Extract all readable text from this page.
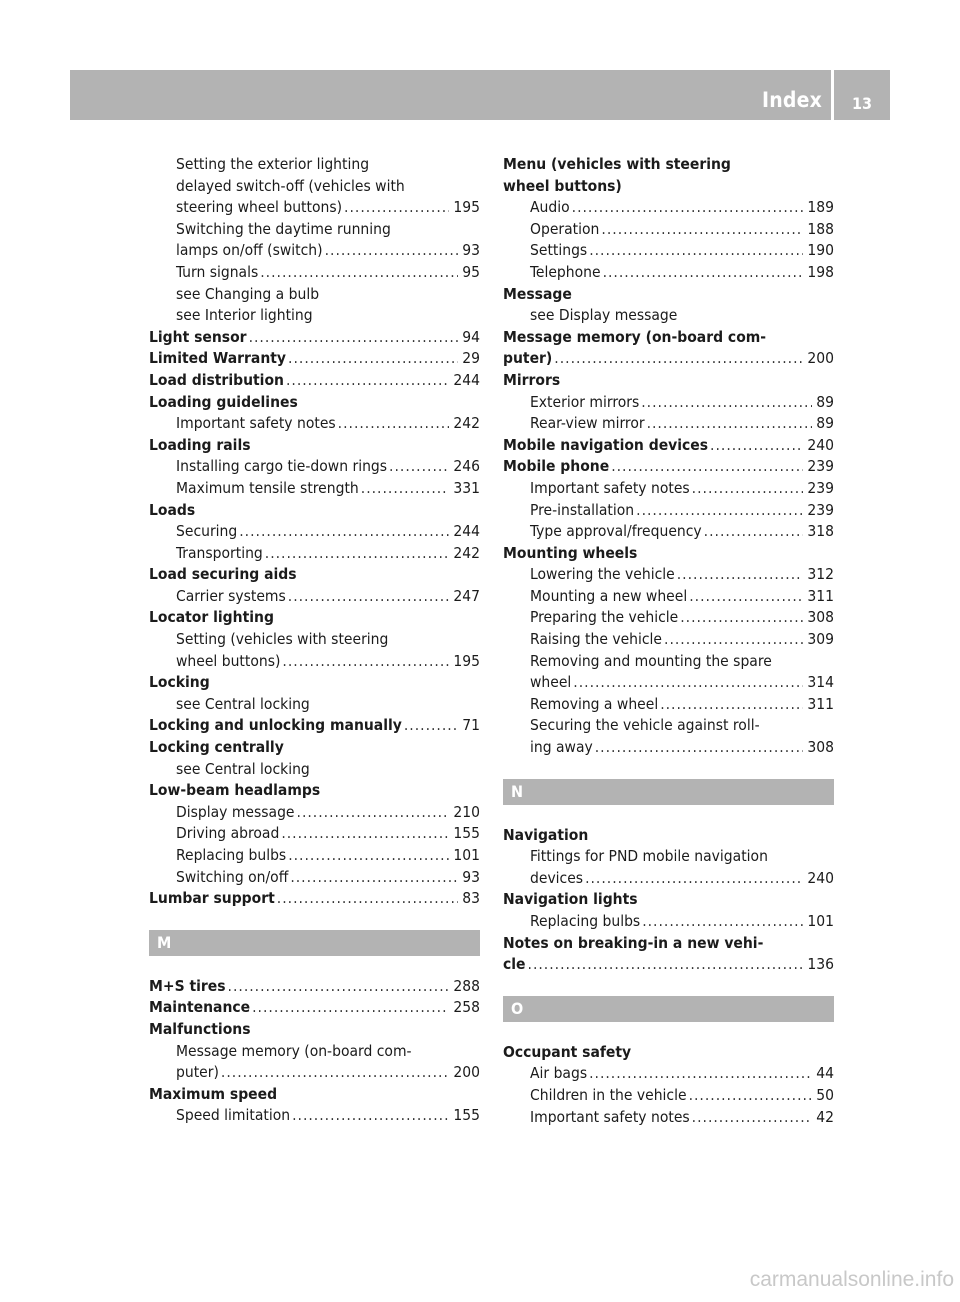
Index	13
Setting the exterior lighting
delayed switch-off (vehicles with
steering wheel buttons) .....	195
Switching the daytime running
lamps on/off (switch) .....	93
Turn signals .....	95
see Changing a bulb
see Interior lighting
Light sensor .....	94
Limited Warranty .....	29
Load distribution .....	244
Loading guidelines
Important safety notes .....	242
Loading rails
Installing cargo tie-down rings .....	246
Maximum tensile strength .....	331
Loads
Securing .....	244
Transporting .....	242
Load securing aids
Carrier systems .....	247
Locator lighting
Setting (vehicles with steering
wheel buttons) .....	195
Locking
see Central locking
Locking and unlocking manually .....	71
Locking centrally
see Central locking
Low-beam headlamps
Display message .....	210
Driving abroad .....	155
Replacing bulbs .....	101
Switching on/off .....	93
Lumbar support .....	83
M
M+S tires .....	288
Maintenance .....	258
Malfunctions
Message memory (on-board com-
puter) .....	200
Maximum speed
Speed limitation .....	155
Menu (vehicles with steering
wheel buttons)
Audio .....	189
Operation .....	188
Settings .....	190
Telephone .....	198
Message
see Display message
Message memory (on-board com-
puter) .....	200
Mirrors
Exterior mirrors .....	89
Rear-view mirror .....	89
Mobile navigation devices .....	240
Mobile phone .....	239
Important safety notes .....	239
Pre-installation .....	239
Type approval/frequency .....	318
Mounting wheels
Lowering the vehicle .....	312
Mounting a new wheel .....	311
Preparing the vehicle .....	308
Raising the vehicle .....	309
Removing and mounting the spare
wheel .....	314
Removing a wheel .....	311
Securing the vehicle against roll-
ing away .....	308
N
Navigation
Fittings for PND mobile navigation
devices .....	240
Navigation lights
Replacing bulbs .....	101
Notes on breaking-in a new vehi-
cle .....	136
O
Occupant safety
Air bags .....	44
Children in the vehicle .....	50
Important safety notes .....	42
carmanualsonline.info
